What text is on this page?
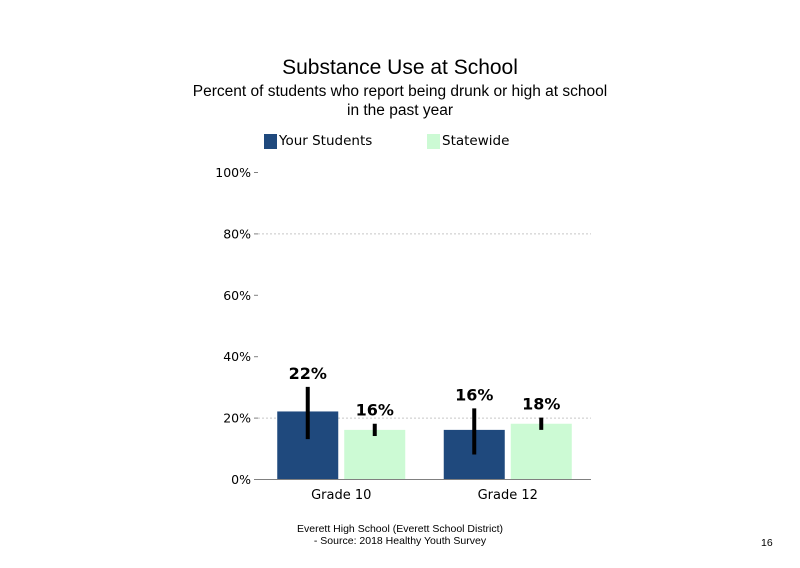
Substance Use at School
Percent of students who report being drunk or high at school
in the past year
Your Students	Statewide
0%
20%
40%
60%
80%
100%
22%
16%
Grade 10
16% 18%
Grade 12
Everett High School (Everett School District)
- Source: 2018 Healthy Youth Survey	16
